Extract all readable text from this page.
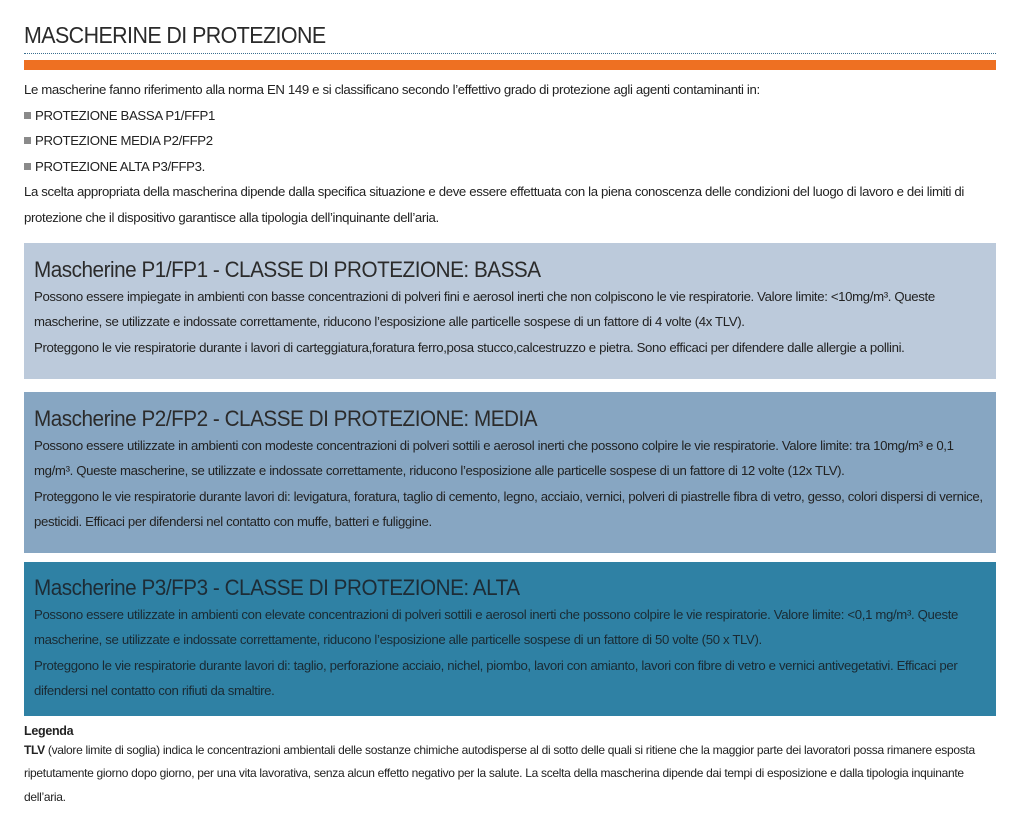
MASCHERINE DI PROTEZIONE

Le mascherine fanno riferimento alla norma EN 149 e si classificano secondo l’effettivo grado di protezione agli agenti contaminanti in:

PROTEZIONE BASSA P1/FFP1

PROTEZIONE MEDIA P2/FFP2

PROTEZIONE ALTA P3/FFP3.

La scelta appropriata della mascherina dipende dalla specifica situazione e deve essere effettuata con la piena conoscenza delle condizioni del luogo di lavoro e dei limiti di protezione che il dispositivo garantisce alla tipologia dell’inquinante dell’aria.

Mascherine P1/FP1 - CLASSE DI PROTEZIONE: BASSA

Possono essere impiegate in ambienti con basse concentrazioni di polveri fini e aerosol inerti che non colpiscono le vie respiratorie. Valore limite: <10mg/m³. Queste mascherine, se utilizzate e indossate correttamente, riducono l’esposizione alle particelle sospese di un fattore di 4 volte (4x TLV).

Proteggono le vie respiratorie durante i lavori di carteggiatura,foratura ferro,posa stucco,calcestruzzo e pietra. Sono efficaci per difendere dalle allergie a pollini.

Mascherine P2/FP2 - CLASSE DI PROTEZIONE: MEDIA

Possono essere utilizzate in ambienti con modeste concentrazioni di polveri sottili e aerosol inerti che possono colpire le vie respiratorie. Valore limite: tra 10mg/m³ e 0,1 mg/m³. Queste mascherine, se utilizzate e indossate correttamente, riducono l’esposizione alle particelle sospese di un fattore di 12 volte (12x TLV).

Proteggono le vie respiratorie durante lavori di: levigatura, foratura, taglio di cemento, legno, acciaio, vernici, polveri di piastrelle fibra di vetro, gesso, colori dispersi di vernice, pesticidi. Efficaci per difendersi nel contatto con muffe, batteri e fuliggine.

Mascherine P3/FP3 - CLASSE DI PROTEZIONE: ALTA

Possono essere utilizzate in ambienti con elevate concentrazioni di polveri sottili e aerosol inerti che possono colpire le vie respiratorie. Valore limite: <0,1 mg/m³. Queste mascherine, se utilizzate e indossate correttamente, riducono l’esposizione alle particelle sospese di un fattore di 50 volte (50 x TLV).

Proteggono le vie respiratorie durante lavori di: taglio, perforazione acciaio, nichel, piombo, lavori con amianto, lavori con fibre di vetro e vernici antivegetativi. Efficaci per difendersi nel contatto con rifiuti da smaltire.

Legenda

TLV (valore limite di soglia) indica le concentrazioni ambientali delle sostanze chimiche autodisperse al di sotto delle quali si ritiene che la maggior parte dei lavoratori possa rimanere esposta ripetutamente giorno dopo giorno, per una vita lavorativa, senza alcun effetto negativo per la salute. La scelta della mascherina dipende dai tempi di esposizione e dalla tipologia inquinante dell’aria.
